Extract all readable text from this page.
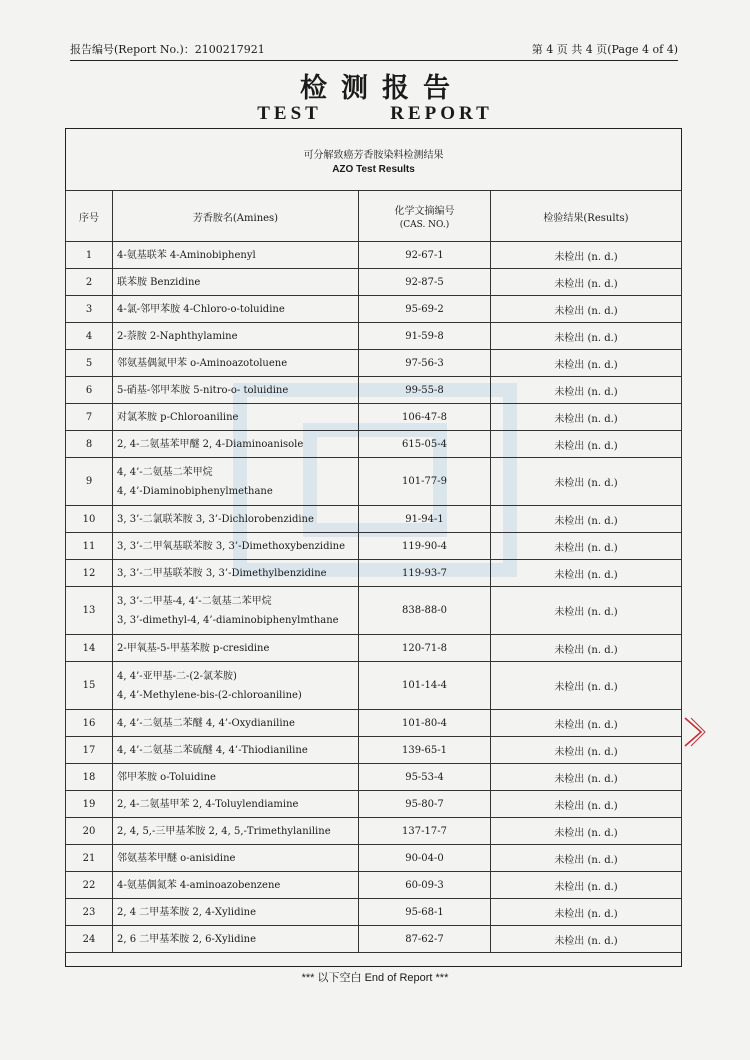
报告编号(Report No.)：2100217921	第 4 页 共 4 页(Page 4 of 4)
检测报告
TEST REPORT
可分解致癌芳香胺染料检测结果
AZO Test Results
序号	芳香胺名(Amines)	化学文摘编号
(CAS. NO.)	检验结果(Results)
1	4-氨基联苯 4-Aminobiphenyl	92-67-1	未检出 (n. d.)
2	联苯胺 Benzidine	92-87-5	未检出 (n. d.)
3	4-氯-邻甲苯胺 4-Chloro-o-toluidine	95-69-2	未检出 (n. d.)
4	2-萘胺 2-Naphthylamine	91-59-8	未检出 (n. d.)
5	邻氨基偶氮甲苯 o-Aminoazotoluene	97-56-3	未检出 (n. d.)
6	5-硝基-邻甲苯胺 5-nitro-o- toluidine	99-55-8	未检出 (n. d.)
7	对氯苯胺 p-Chloroaniline	106-47-8	未检出 (n. d.)
8	2, 4-二氨基苯甲醚 2, 4-Diaminoanisole	615-05-4	未检出 (n. d.)
9	4, 4’-二氨基二苯甲烷
4, 4’-Diaminobiphenylmethane	101-77-9	未检出 (n. d.)
10	3, 3’-二氯联苯胺 3, 3’-Dichlorobenzidine	91-94-1	未检出 (n. d.)
11	3, 3’-二甲氧基联苯胺 3, 3’-Dimethoxybenzidine	119-90-4	未检出 (n. d.)
12	3, 3’-二甲基联苯胺 3, 3’-Dimethylbenzidine	119-93-7	未检出 (n. d.)
13	3, 3’-二甲基-4, 4’-二氨基二苯甲烷
3, 3’-dimethyl-4, 4’-diaminobiphenylmthane	838-88-0	未检出 (n. d.)
14	2-甲氧基-5-甲基苯胺 p-cresidine	120-71-8	未检出 (n. d.)
15	4, 4’-亚甲基-二-(2-氯苯胺)
4, 4’-Methylene-bis-(2-chloroaniline)	101-14-4	未检出 (n. d.)
16	4, 4’-二氨基二苯醚 4, 4’-Oxydianiline	101-80-4	未检出 (n. d.)
17	4, 4’-二氨基二苯硫醚 4, 4’-Thiodianiline	139-65-1	未检出 (n. d.)
18	邻甲苯胺 o-Toluidine	95-53-4	未检出 (n. d.)
19	2, 4-二氨基甲苯 2, 4-Toluylendiamine	95-80-7	未检出 (n. d.)
20	2, 4, 5,-三甲基苯胺 2, 4, 5,-Trimethylaniline	137-17-7	未检出 (n. d.)
21	邻氨基苯甲醚 o-anisidine	90-04-0	未检出 (n. d.)
22	4-氨基偶氮苯 4-aminoazobenzene	60-09-3	未检出 (n. d.)
23	2, 4 二甲基苯胺 2, 4-Xylidine	95-68-1	未检出 (n. d.)
24	2, 6 二甲基苯胺 2, 6-Xylidine	87-62-7	未检出 (n. d.)
*** 以下空白 End of Report ***
